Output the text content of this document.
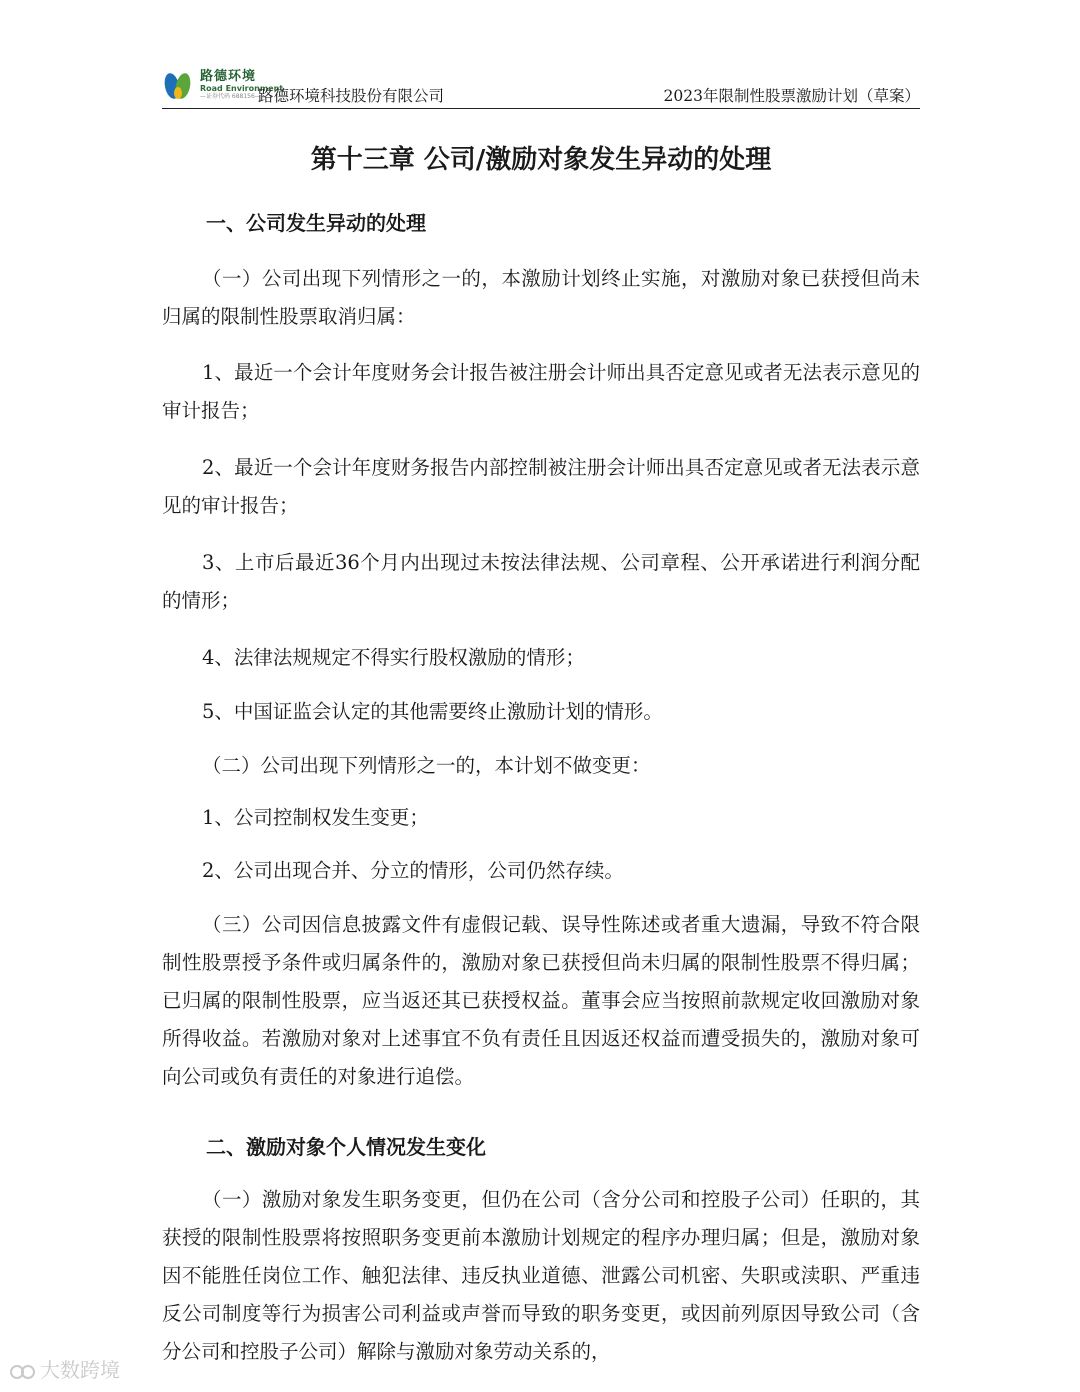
路德环境
Road Environment
—证券代码 688156—
路德环境科技股份有限公司	2023年限制性股票激励计划（草案）
第十三章 公司/激励对象发生异动的处理
一、公司发生异动的处理
（一）公司出现下列情形之一的，本激励计划终止实施，对激励对象已获授但尚未归属的限制性股票取消归属：
1、最近一个会计年度财务会计报告被注册会计师出具否定意见或者无法表示意见的审计报告；
2、最近一个会计年度财务报告内部控制被注册会计师出具否定意见或者无法表示意见的审计报告；
3、上市后最近36个月内出现过未按法律法规、公司章程、公开承诺进行利润分配的情形；
4、法律法规规定不得实行股权激励的情形；
5、中国证监会认定的其他需要终止激励计划的情形。
（二）公司出现下列情形之一的，本计划不做变更：
1、公司控制权发生变更；
2、公司出现合并、分立的情形，公司仍然存续。
（三）公司因信息披露文件有虚假记载、误导性陈述或者重大遗漏，导致不符合限制性股票授予条件或归属条件的，激励对象已获授但尚未归属的限制性股票不得归属；已归属的限制性股票，应当返还其已获授权益。董事会应当按照前款规定收回激励对象所得收益。若激励对象对上述事宜不负有责任且因返还权益而遭受损失的，激励对象可向公司或负有责任的对象进行追偿。
二、激励对象个人情况发生变化
（一）激励对象发生职务变更，但仍在公司（含分公司和控股子公司）任职的，其获授的限制性股票将按照职务变更前本激励计划规定的程序办理归属；但是，激励对象因不能胜任岗位工作、触犯法律、违反执业道德、泄露公司机密、失职或渎职、严重违反公司制度等行为损害公司利益或声誉而导致的职务变更，或因前列原因导致公司（含分公司和控股子公司）解除与激励对象劳动关系的，
大数跨境
